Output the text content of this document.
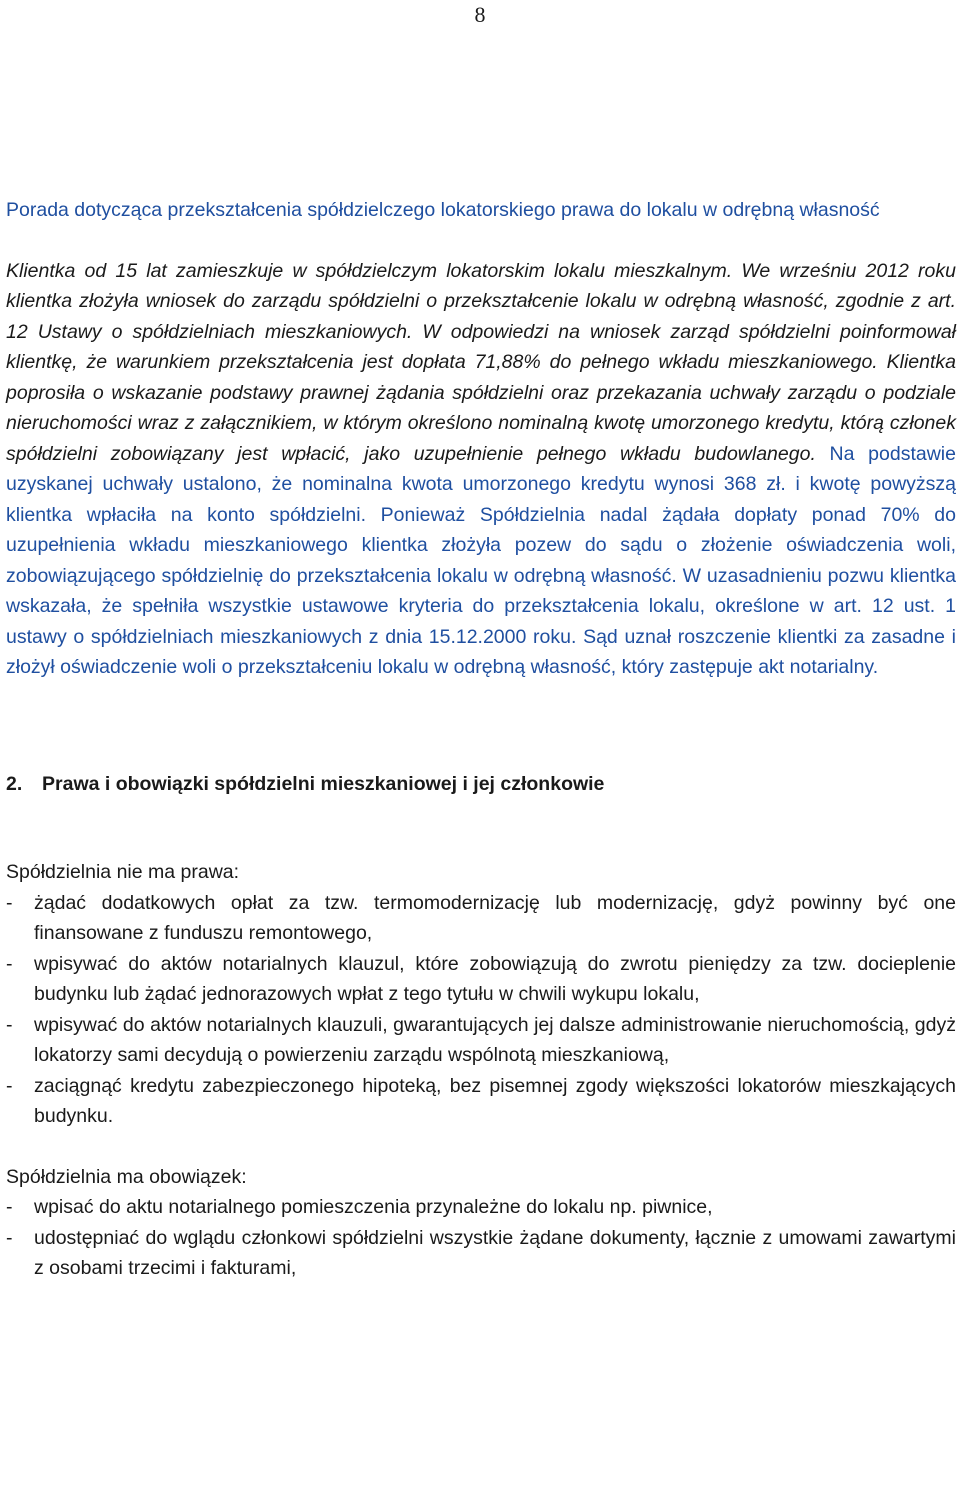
8

Porada dotycząca przekształcenia spółdzielczego lokatorskiego prawa do lokalu w odrębną własność

Klientka od 15 lat zamieszkuje w spółdzielczym lokatorskim lokalu mieszkalnym. We wrześniu 2012 roku klientka złożyła wniosek do zarządu spółdzielni o przekształcenie lokalu w odrębną własność, zgodnie z art. 12 Ustawy o spółdzielniach mieszkaniowych. W odpowiedzi na wniosek zarząd spółdzielni poinformował klientkę, że warunkiem przekształcenia jest dopłata 71,88% do pełnego wkładu mieszkaniowego. Klientka poprosiła o wskazanie podstawy prawnej żądania spółdzielni oraz przekazania uchwały zarządu o podziale nieruchomości wraz z załącznikiem, w którym określono nominalną kwotę umorzonego kredytu, którą członek spółdzielni zobowiązany jest wpłacić, jako uzupełnienie pełnego wkładu budowlanego. Na podstawie uzyskanej uchwały ustalono, że nominalna kwota umorzonego kredytu wynosi 368 zł. i kwotę powyższą klientka wpłaciła na konto spółdzielni. Ponieważ Spółdzielnia nadal żądała dopłaty ponad 70% do uzupełnienia wkładu mieszkaniowego klientka złożyła pozew do sądu o złożenie oświadczenia woli, zobowiązującego spółdzielnię do przekształcenia lokalu w odrębną własność. W uzasadnieniu pozwu klientka wskazała, że spełniła wszystkie ustawowe kryteria do przekształcenia lokalu, określone w art. 12 ust. 1 ustawy o spółdzielniach mieszkaniowych z dnia 15.12.2000 roku. Sąd uznał roszczenie klientki za zasadne i złożył oświadczenie woli o przekształceniu lokalu w odrębną własność, który zastępuje akt notarialny.

2. Prawa i obowiązki spółdzielni mieszkaniowej i jej członkowie

Spółdzielnia nie ma prawa:

- żądać dodatkowych opłat za tzw. termomodernizację lub modernizację, gdyż powinny być one finansowane z funduszu remontowego,
- wpisywać do aktów notarialnych klauzul, które zobowiązują do zwrotu pieniędzy za tzw. docieplenie budynku lub żądać jednorazowych wpłat z tego tytułu w chwili wykupu lokalu,
- wpisywać do aktów notarialnych klauzuli, gwarantujących jej dalsze administrowanie nieruchomością, gdyż lokatorzy sami decydują o powierzeniu zarządu wspólnotą mieszkaniową,
- zaciągnąć kredytu zabezpieczonego hipoteką, bez pisemnej zgody większości lokatorów mieszkających budynku.

Spółdzielnia ma obowiązek:

- wpisać do aktu notarialnego pomieszczenia przynależne do lokalu np. piwnice,
- udostępniać do wglądu członkowi spółdzielni wszystkie żądane dokumenty, łącznie z umowami zawartymi z osobami trzecimi i fakturami,
